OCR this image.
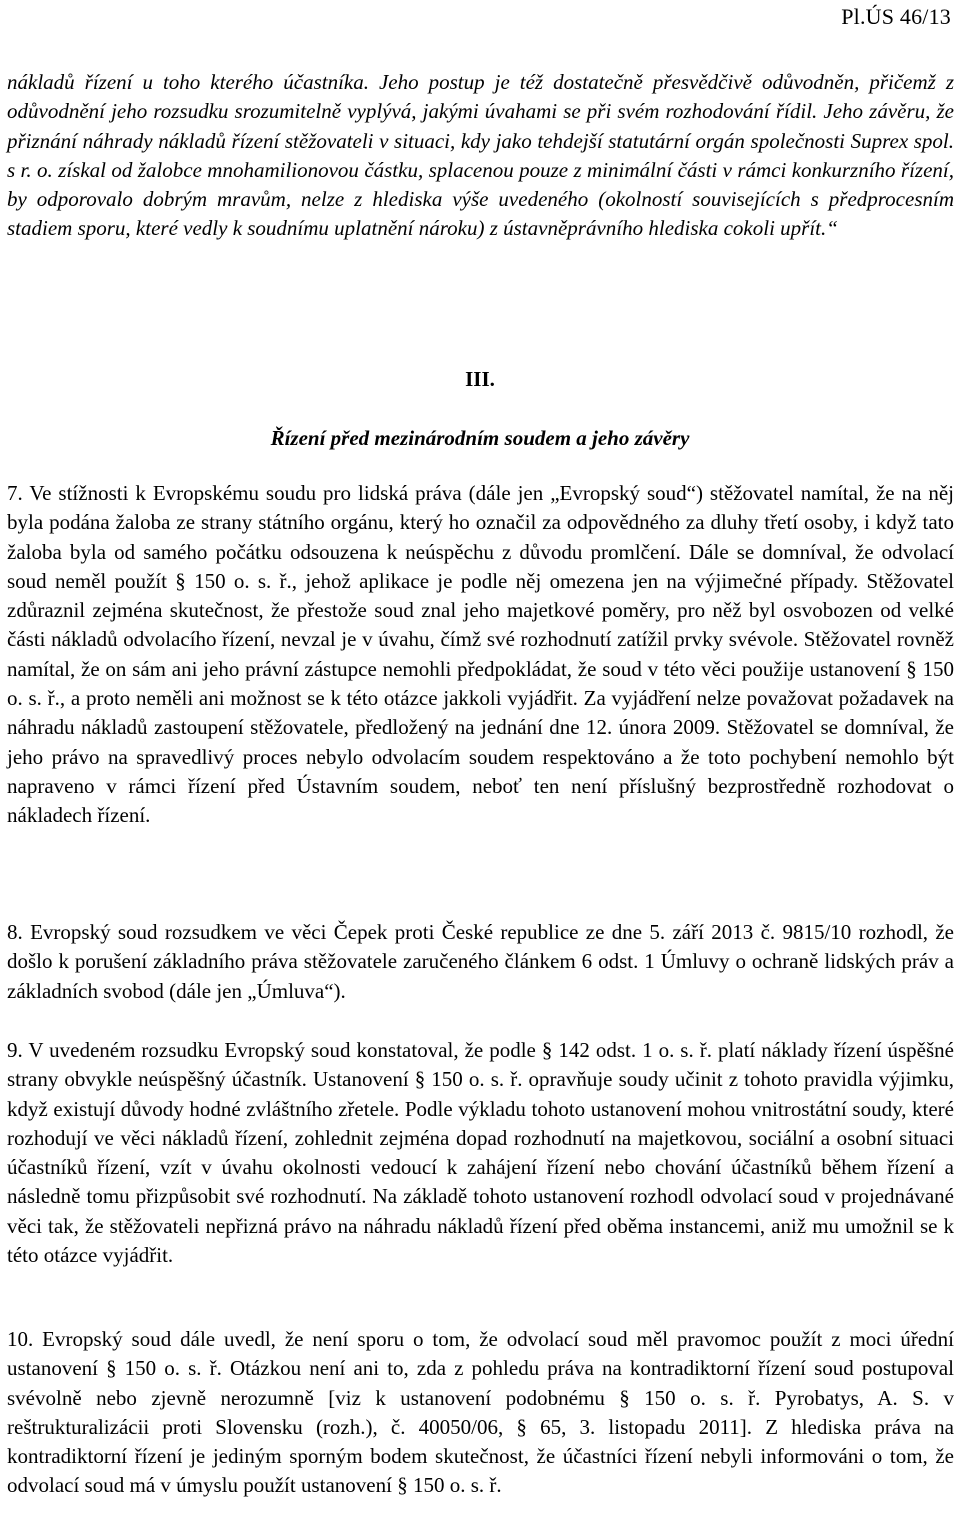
Pl.ÚS 46/13
nákladů řízení u toho kterého účastníka. Jeho postup je též dostatečně přesvědčivě odůvodněn, přičemž z odůvodnění jeho rozsudku srozumitelně vyplývá, jakými úvahami se při svém rozhodování řídil. Jeho závěru, že přiznání náhrady nákladů řízení stěžovateli v situaci, kdy jako tehdejší statutární orgán společnosti Suprex spol. s r. o. získal od žalobce mnohamilionovou částku, splacenou pouze z minimální části v rámci konkurzního řízení, by odporovalo dobrým mravům, nelze z hlediska výše uvedeného (okolností souvisejících s předprocesním stadiem sporu, které vedly k soudnímu uplatnění nároku) z ústavněprávního hlediska cokoli upřít.“
III.
Řízení před mezinárodním soudem a jeho závěry
7. Ve stížnosti k Evropskému soudu pro lidská práva (dále jen „Evropský soud“) stěžovatel namítal, že na něj byla podána žaloba ze strany státního orgánu, který ho označil za odpovědného za dluhy třetí osoby, i když tato žaloba byla od samého počátku odsouzena k neúspěchu z důvodu promlčení. Dále se domníval, že odvolací soud neměl použít § 150 o. s. ř., jehož aplikace je podle něj omezena jen na výjimečné případy. Stěžovatel zdůraznil zejména skutečnost, že přestože soud znal jeho majetkové poměry, pro něž byl osvobozen od velké části nákladů odvolacího řízení, nevzal je v úvahu, čímž své rozhodnutí zatížil prvky svévole. Stěžovatel rovněž namítal, že on sám ani jeho právní zástupce nemohli předpokládat, že soud v této věci použije ustanovení § 150 o. s. ř., a proto neměli ani možnost se k této otázce jakkoli vyjádřit. Za vyjádření nelze považovat požadavek na náhradu nákladů zastoupení stěžovatele, předložený na jednání dne 12. února 2009. Stěžovatel se domníval, že jeho právo na spravedlivý proces nebylo odvolacím soudem respektováno a že toto pochybení nemohlo být napraveno v rámci řízení před Ústavním soudem, neboť ten není příslušný bezprostředně rozhodovat o nákladech řízení.
8. Evropský soud rozsudkem ve věci Čepek proti České republice ze dne 5. září 2013 č. 9815/10 rozhodl, že došlo k porušení základního práva stěžovatele zaručeného článkem 6 odst. 1 Úmluvy o ochraně lidských práv a základních svobod (dále jen „Úmluva“).
9. V uvedeném rozsudku Evropský soud konstatoval, že podle § 142 odst. 1 o. s. ř. platí náklady řízení úspěšné strany obvykle neúspěšný účastník. Ustanovení § 150 o. s. ř. opravňuje soudy učinit z tohoto pravidla výjimku, když existují důvody hodné zvláštního zřetele. Podle výkladu tohoto ustanovení mohou vnitrostátní soudy, které rozhodují ve věci nákladů řízení, zohlednit zejména dopad rozhodnutí na majetkovou, sociální a osobní situaci účastníků řízení, vzít v úvahu okolnosti vedoucí k zahájení řízení nebo chování účastníků během řízení a následně tomu přizpůsobit své rozhodnutí. Na základě tohoto ustanovení rozhodl odvolací soud v projednávané věci tak, že stěžovateli nepřizná právo na náhradu nákladů řízení před oběma instancemi, aniž mu umožnil se k této otázce vyjádřit.
10. Evropský soud dále uvedl, že není sporu o tom, že odvolací soud měl pravomoc použít z moci úřední ustanovení § 150 o. s. ř. Otázkou není ani to, zda z pohledu práva na kontradiktorní řízení soud postupoval svévolně nebo zjevně nerozumně [viz k ustanovení podobnému § 150 o. s. ř. Pyrobatys, A. S. v reštrukturalizácii proti Slovensku (rozh.), č. 40050/06, § 65, 3. listopadu 2011]. Z hlediska práva na kontradiktorní řízení je jediným sporným bodem skutečnost, že účastníci řízení nebyli informováni o tom, že odvolací soud má v úmyslu použít ustanovení § 150 o. s. ř.
